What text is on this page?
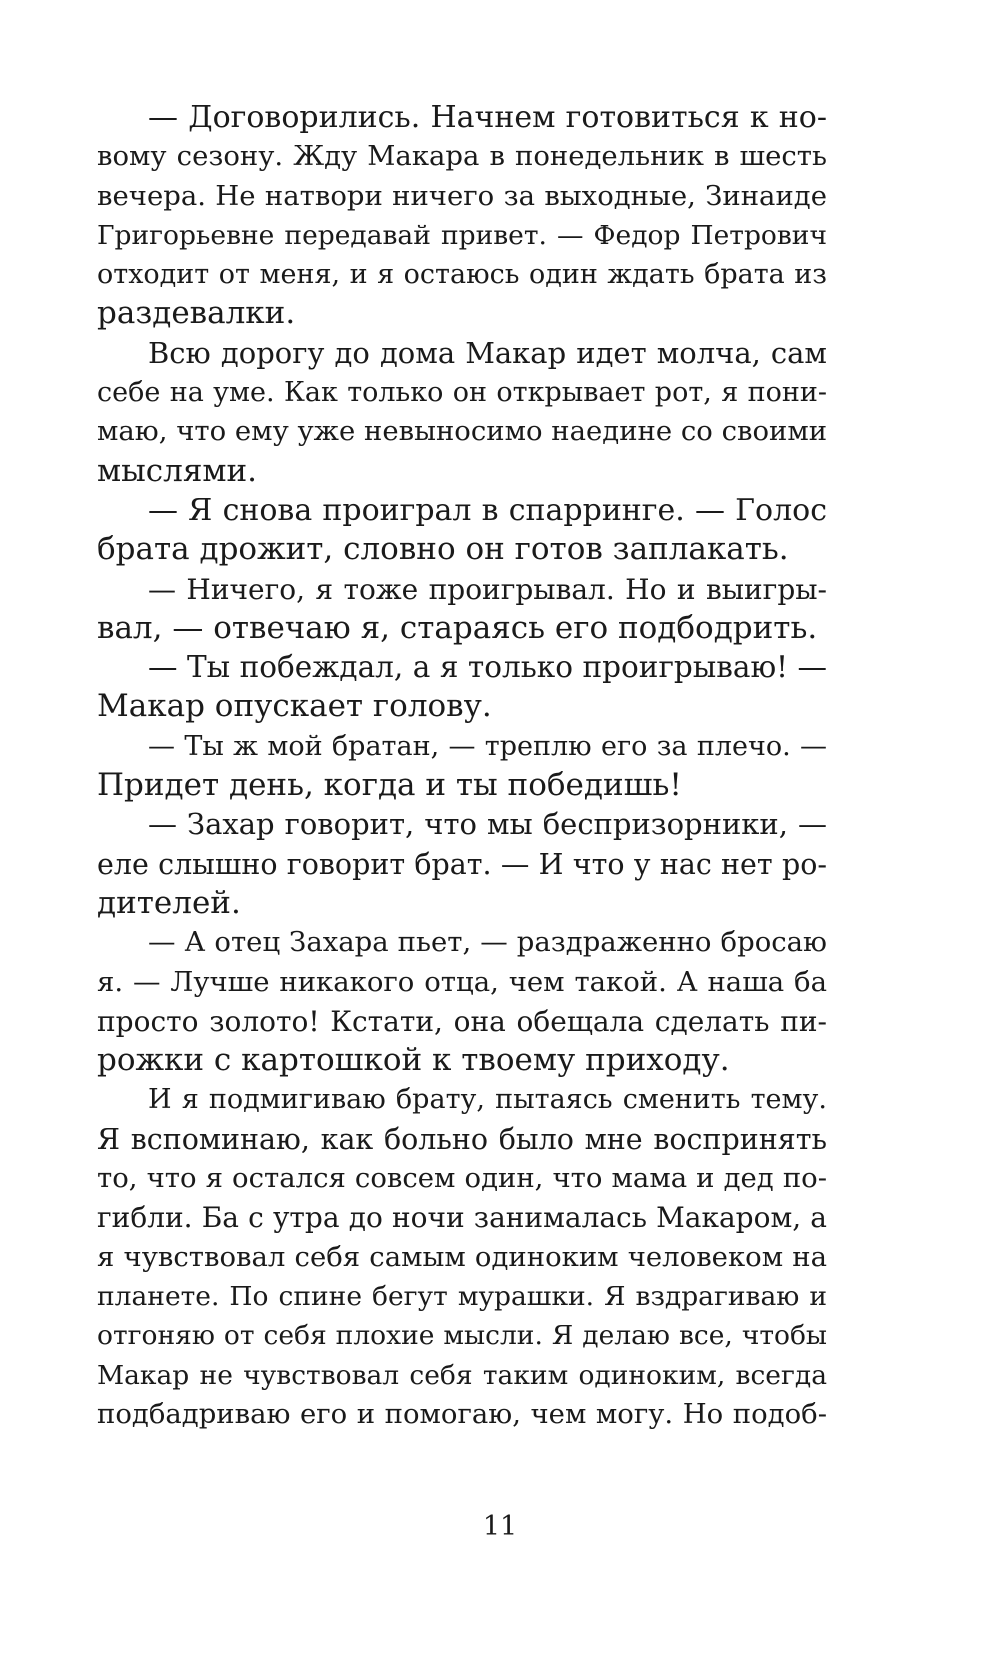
— Договорились. Начнем готовиться к но-
вому сезону. Жду Макара в понедельник в шесть
вечера. Не натвори ничего за выходные, Зинаиде
Григорьевне передавай привет. — Федор Петрович
отходит от меня, и я остаюсь один ждать брата из
раздевалки.
Всю дорогу до дома Макар идет молча, сам
себе на уме. Как только он открывает рот, я пони-
маю, что ему уже невыносимо наедине со своими
мыслями.
— Я снова проиграл в спарринге. — Голос
брата дрожит, словно он готов заплакать.
— Ничего, я тоже проигрывал. Но и выигры-
вал, — отвечаю я, стараясь его подбодрить.
— Ты побеждал, а я только проигрываю! —
Макар опускает голову.
— Ты ж мой братан, — треплю его за плечо. —
Придет день, когда и ты победишь!
— Захар говорит, что мы беспризорники, —
еле слышно говорит брат. — И что у нас нет ро-
дителей.
— А отец Захара пьет, — раздраженно бросаю
я. — Лучше никакого отца, чем такой. А наша ба
просто золото! Кстати, она обещала сделать пи-
рожки с картошкой к твоему приходу.
И я подмигиваю брату, пытаясь сменить тему.
Я вспоминаю, как больно было мне воспринять
то, что я остался совсем один, что мама и дед по-
гибли. Ба с утра до ночи занималась Макаром, а
я чувствовал себя самым одиноким человеком на
планете. По спине бегут мурашки. Я вздрагиваю и
отгоняю от себя плохие мысли. Я делаю все, чтобы
Макар не чувствовал себя таким одиноким, всегда
подбадриваю его и помогаю, чем могу. Но подоб-
11
